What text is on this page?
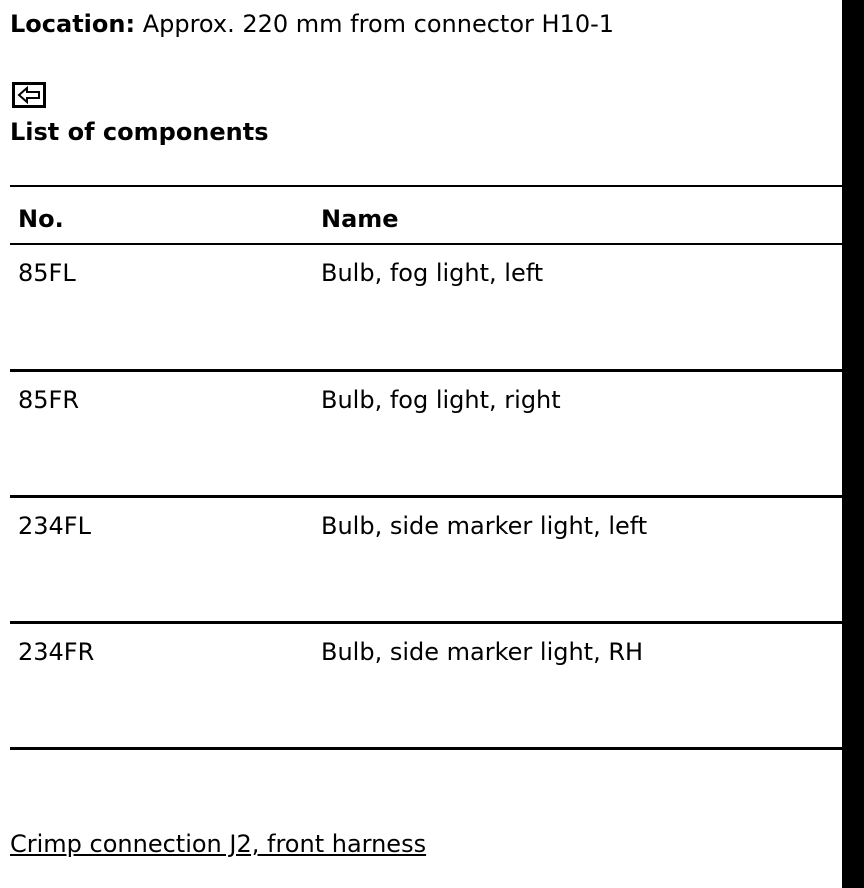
Location: Approx. 220 mm from connector H10-1
List of components
No.	Name
85FL	Bulb, fog light, left
85FR	Bulb, fog light, right
234FL	Bulb, side marker light, left
234FR	Bulb, side marker light, RH
Crimp connection J2, front harness
